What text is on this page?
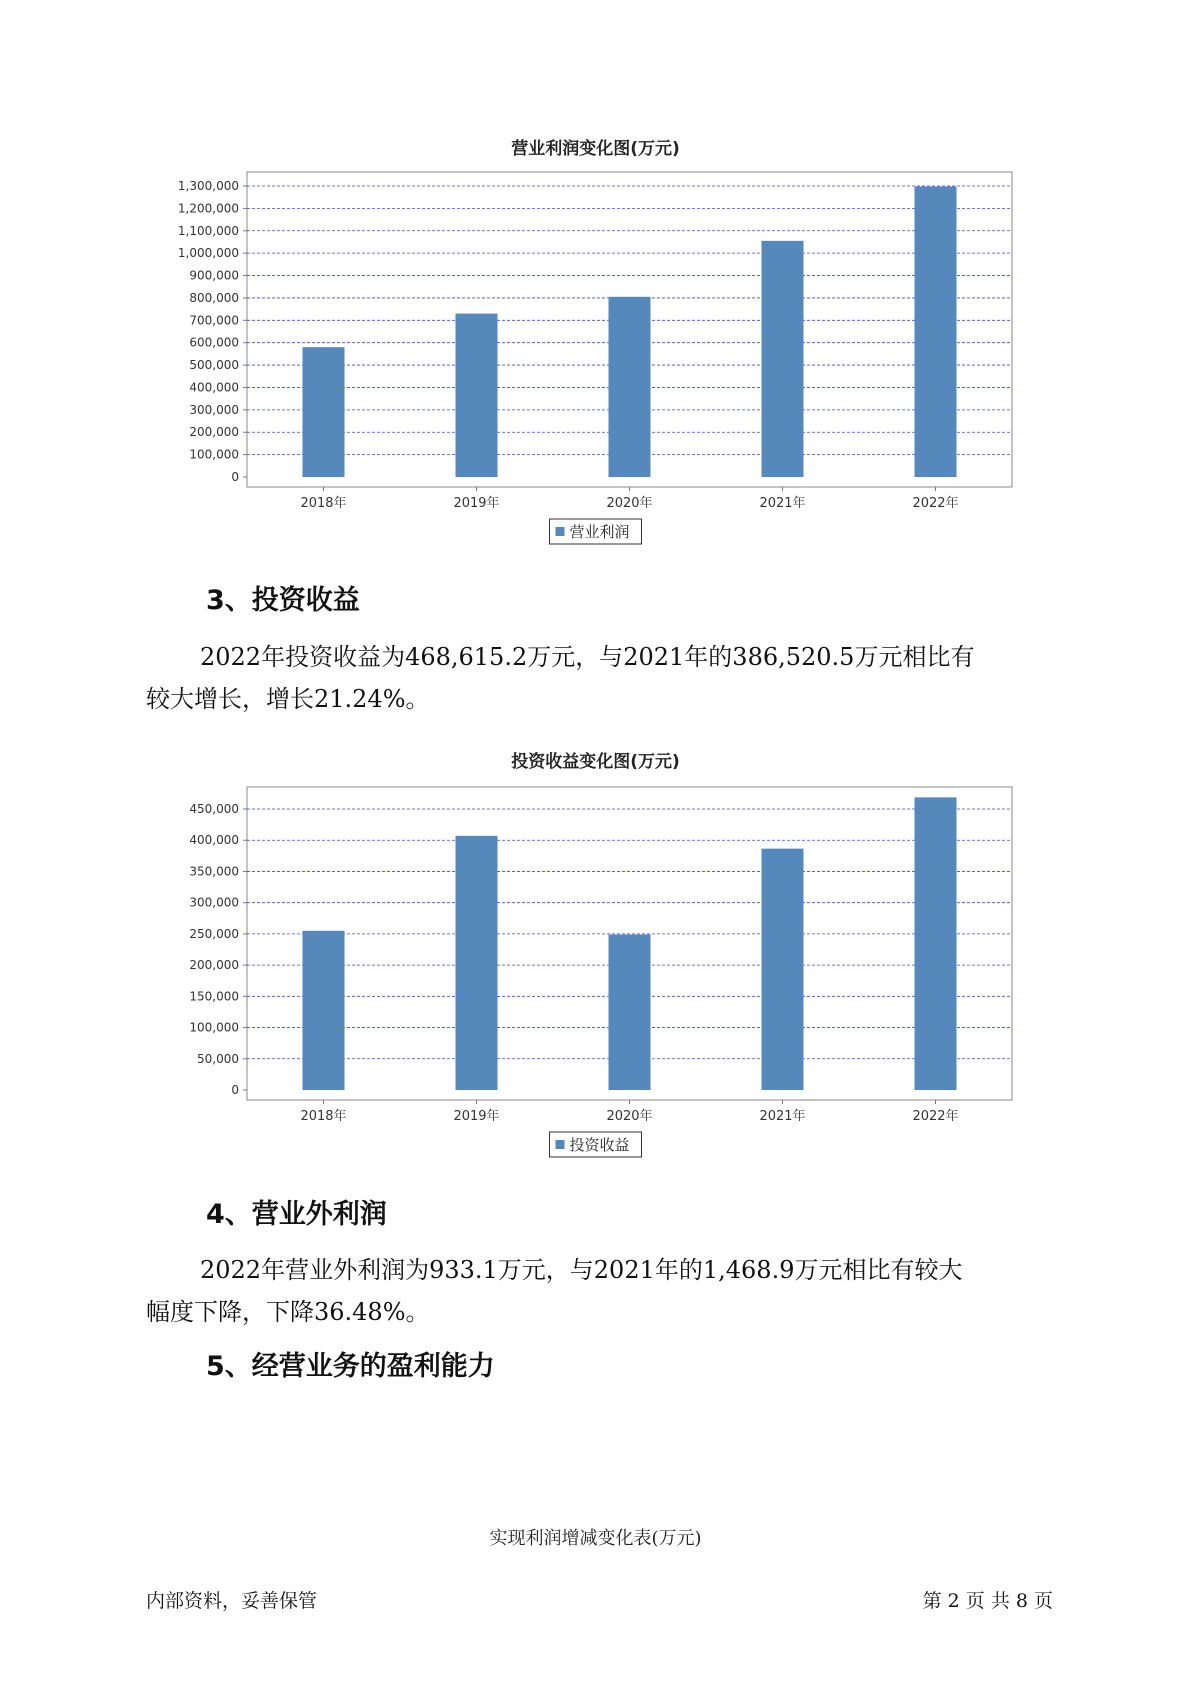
营业利润变化图(万元)
0
100,000
200,000
300,000
400,000
500,000
600,000
700,000
800,000
900,000
1,000,000
1,100,000
1,200,000
1,300,000
2018年	2019年	2020年	2021年	2022年
营业利润
3、投资收益
2022年投资收益为468,615.2万元，与2021年的386,520.5万元相比有
较大增长，增长21.24%。
投资收益变化图(万元)
0
50,000
100,000
150,000
200,000
250,000
300,000
350,000
400,000
450,000
2018年	2019年	2020年	2021年	2022年
投资收益
4、营业外利润
2022年营业外利润为933.1万元，与2021年的1,468.9万元相比有较大
幅度下降，下降36.48%。
5、经营业务的盈利能力
实现利润增减变化表(万元)
内部资料，妥善保管	第 2 页 共 8 页
